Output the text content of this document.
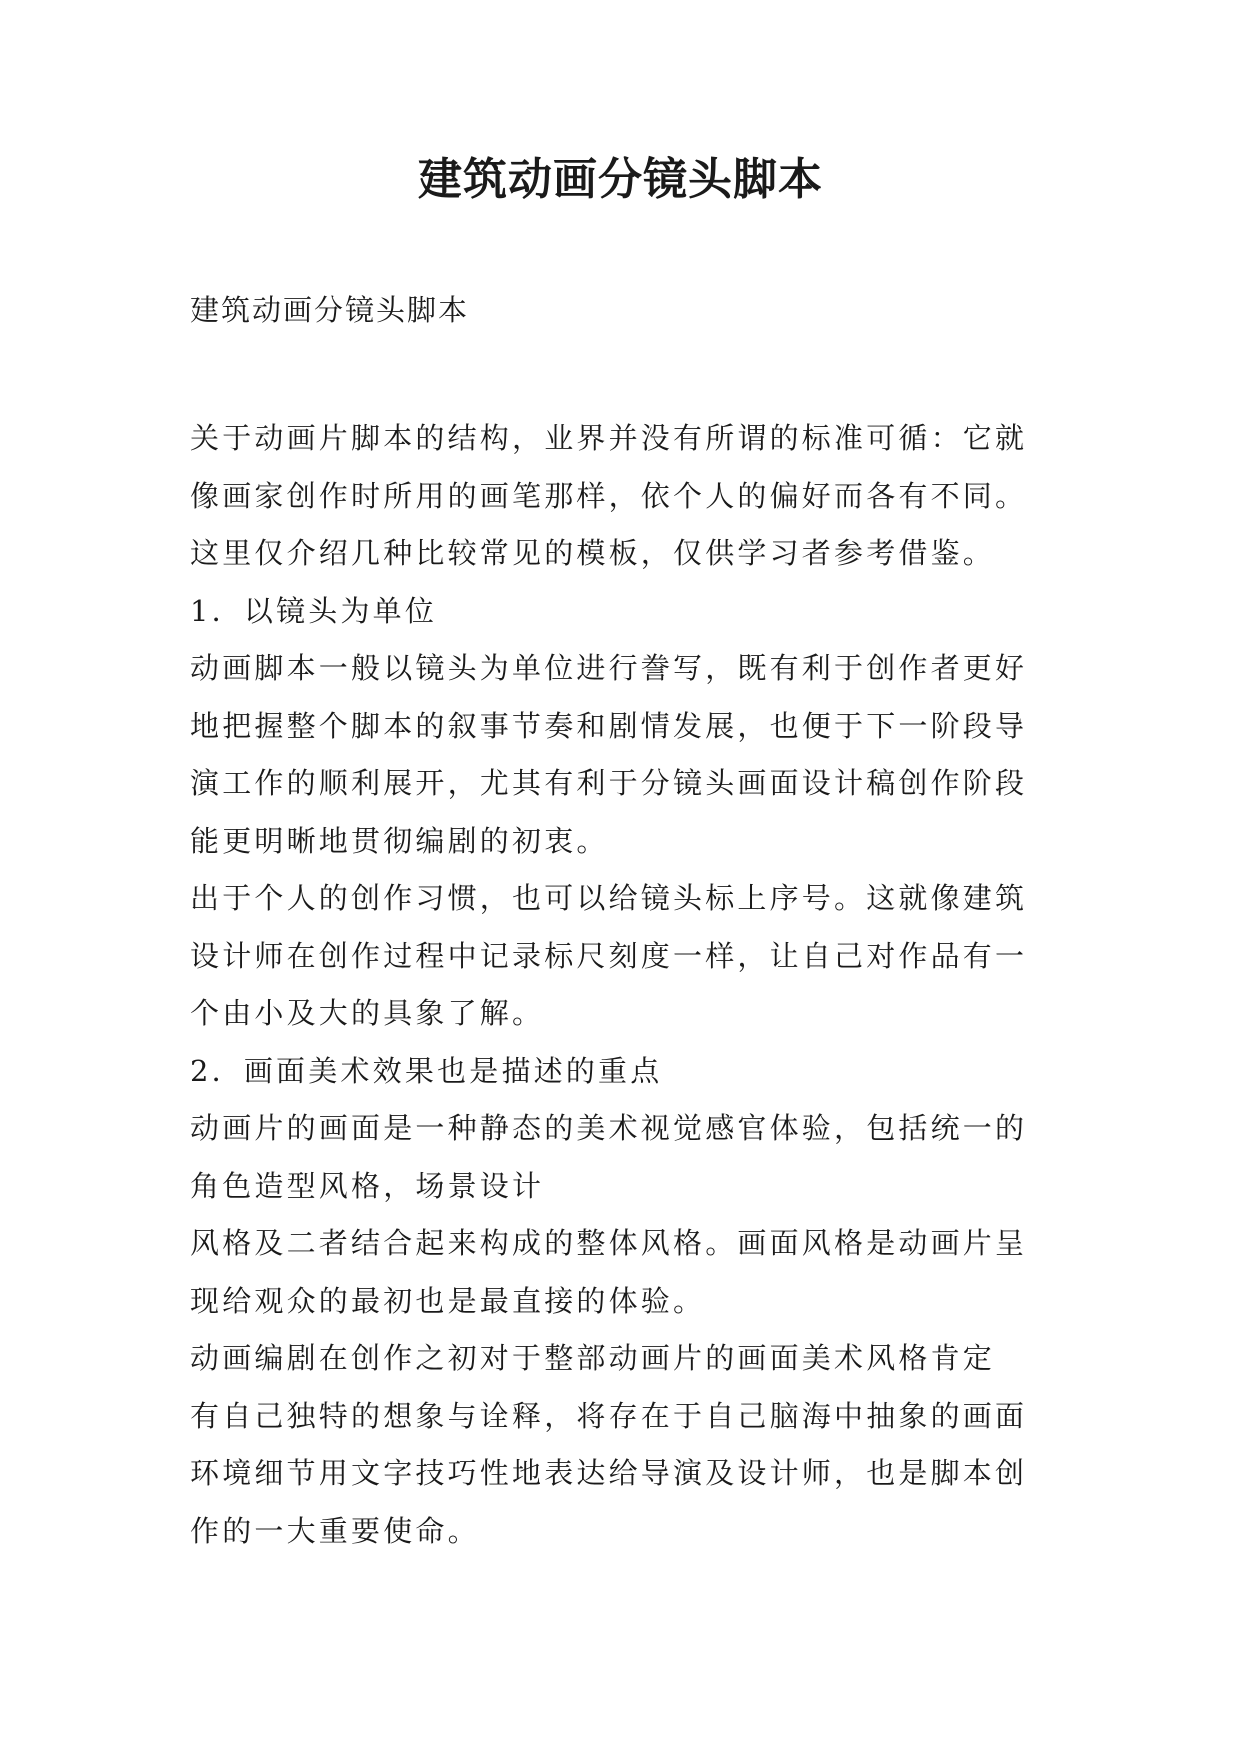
建筑动画分镜头脚本

建筑动画分镜头脚本

关于动画片脚本的结构，业界并没有所谓的标准可循：它就

像画家创作时所用的画笔那样，依个人的偏好而各有不同。

这里仅介绍几种比较常见的模板，仅供学习者参考借鉴。

1．以镜头为单位

动画脚本一般以镜头为单位进行誊写，既有利于创作者更好

地把握整个脚本的叙事节奏和剧情发展，也便于下一阶段导

演工作的顺利展开，尤其有利于分镜头画面设计稿创作阶段

能更明晰地贯彻编剧的初衷。

出于个人的创作习惯，也可以给镜头标上序号。这就像建筑

设计师在创作过程中记录标尺刻度一样，让自己对作品有一

个由小及大的具象了解。

2．画面美术效果也是描述的重点

动画片的画面是一种静态的美术视觉感官体验，包括统一的

角色造型风格，场景设计

风格及二者结合起来构成的整体风格。画面风格是动画片呈

现给观众的最初也是最直接的体验。

动画编剧在创作之初对于整部动画片的画面美术风格肯定

有自己独特的想象与诠释，将存在于自己脑海中抽象的画面

环境细节用文字技巧性地表达给导演及设计师，也是脚本创

作的一大重要使命。
